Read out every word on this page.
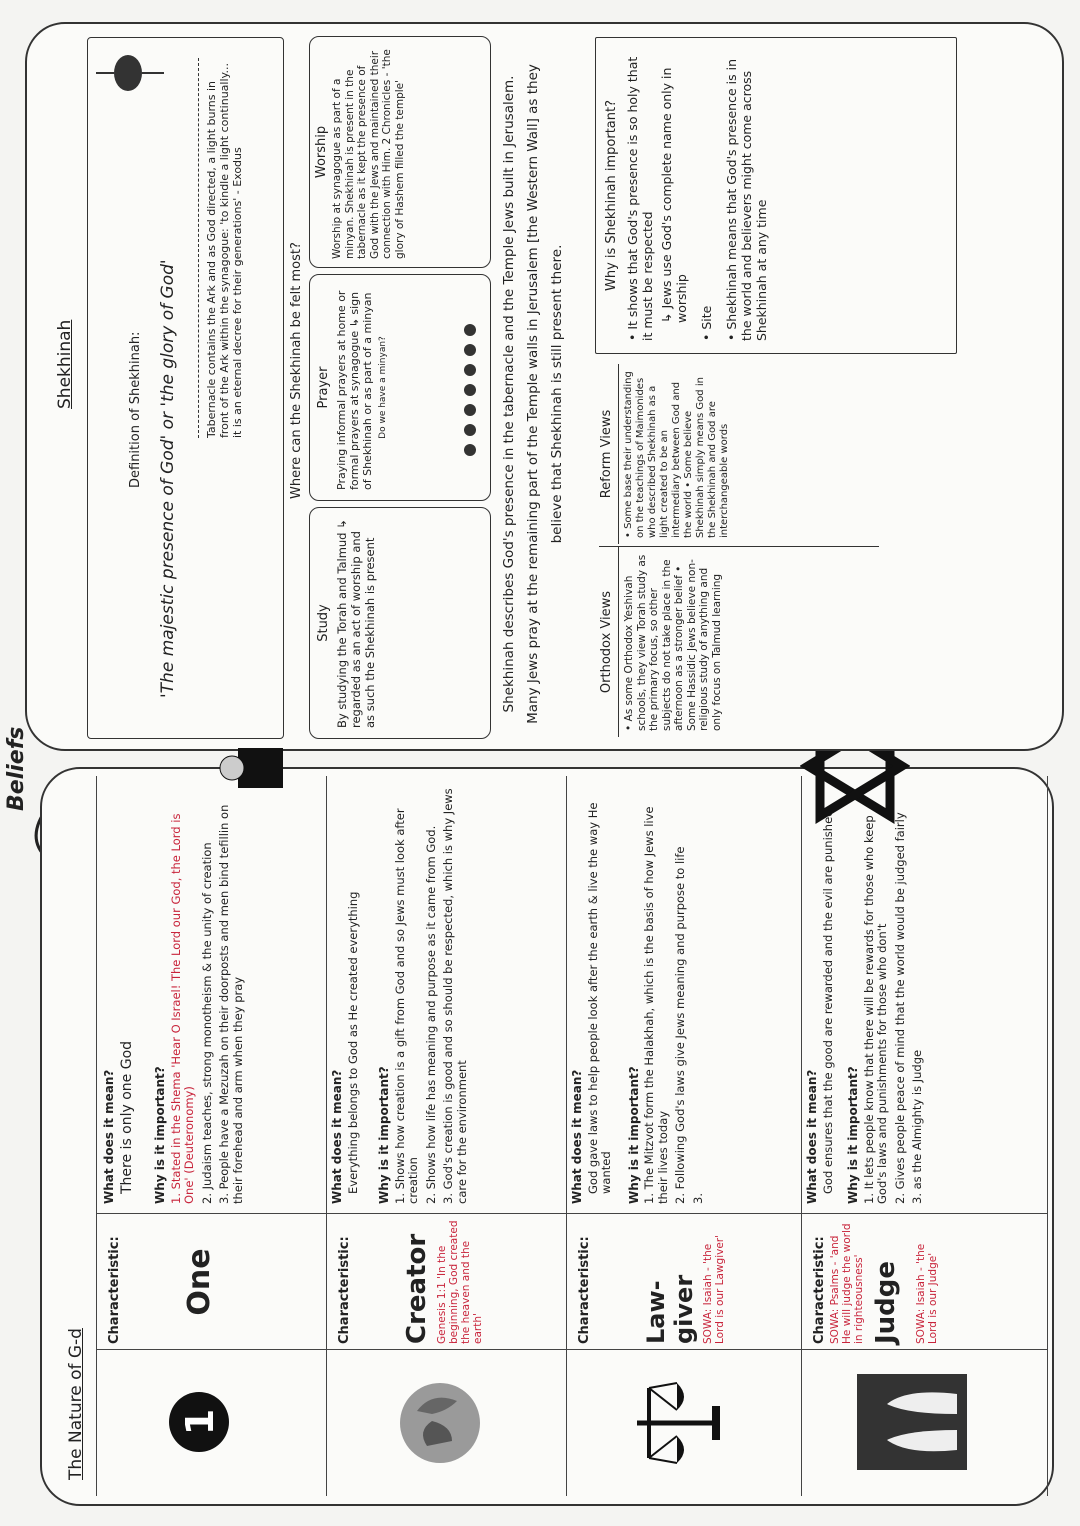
Beliefs
The Nature of G-d 1
Characteristic: One
What does it mean? There is only one God Why is it important? 1. Stated in the Shema 'Hear O Israel! The Lord our God, the Lord is One' (Deuteronomy) 2. Judaism teaches, strong monotheism & the unity of creation 3. People have a Mezuzah on their doorposts and men bind tefillin on their forehead and arm when they pray

Characteristic: Creator Genesis 1:1 'In the beginning, God created the heaven and the earth'
What does it mean? Everything belongs to God as He created everything Why is it important? 1. Shows how creation is a gift from God and so Jews must look after creation 2. Shows how life has meaning and purpose as it came from God. 3. God's creation is good and so should be respected, which is why Jews care for the environment

Characteristic: Law-giver SOWA: Isaiah - 'the Lord is our Lawgiver'
What does it mean? God gave laws to help people look after the earth & live the way He wanted Why is it important? 1. The Mitzvot form the Halakhah, which is the basis of how Jews live their lives today 2. Following God's laws give Jews meaning and purpose to life 3.

Characteristic: SOWA: Psalms - 'and He will judge the world in righteousness' Judge SOWA: Isaiah - 'the Lord is our Judge'
What does it mean? God ensures that the good are rewarded and the evil are punished Why is it important? 1. It lets people know that there will be rewards for those who keep God's laws and punishments for those who don't 2. Gives people peace of mind that the world would be judged fairly 3. as the Almighty is Judge

Shekhinah	Definition of Shekhinah: 'The majestic presence of God' or 'the glory of God'	Tabernacle contains the Ark and as God directed, a light burns in front of the Ark within the synagogue: 'to kindle a light continually... it is an eternal decree for their generations' - Exodus	Where can the Shekhinah be felt most?
Study By studying the Torah and Talmud ↳ regarded as an act of worship and as such the Shekhinah is present
Prayer Praying informal prayers at home or formal prayers at synagogue ↳ sign of Shekhinah or as part of a minyan Do we have a minyan?
Worship Worship at synagogue as part of a minyan. Shekhinah is present in the tabernacle as it kept the presence of God with the Jews and maintained their connection with Him. 2 Chronicles - 'the glory of Hashem filled the temple'	Shekhinah describes God's presence in the tabernacle and the Temple Jews built in Jerusalem. Many Jews pray at the remaining part of the Temple walls in Jerusalem [the Western Wall] as they believe that Shekhinah is still present there.
Orthodox Views • As some Orthodox Yeshivah schools, they view Torah study as the primary focus, so other subjects do not take place in the afternoon as a stronger belief • Some Hassidic Jews believe non-religious study of anything and only focus on Talmud learning
Reform Views • Some base their understanding on the teachings of Maimonides who described Shekhinah as a light created to be an intermediary between God and the world • Some believe Shekhinah simply means God in the Shekhinah and God are interchangeable words
Why is Shekhinah important? • It shows that God's presence is so holy that it must be respected ↳ Jews use God's complete name only in worship
• Site • Shekhinah means that God's presence is in the world and believers might come across Shekhinah at any time
